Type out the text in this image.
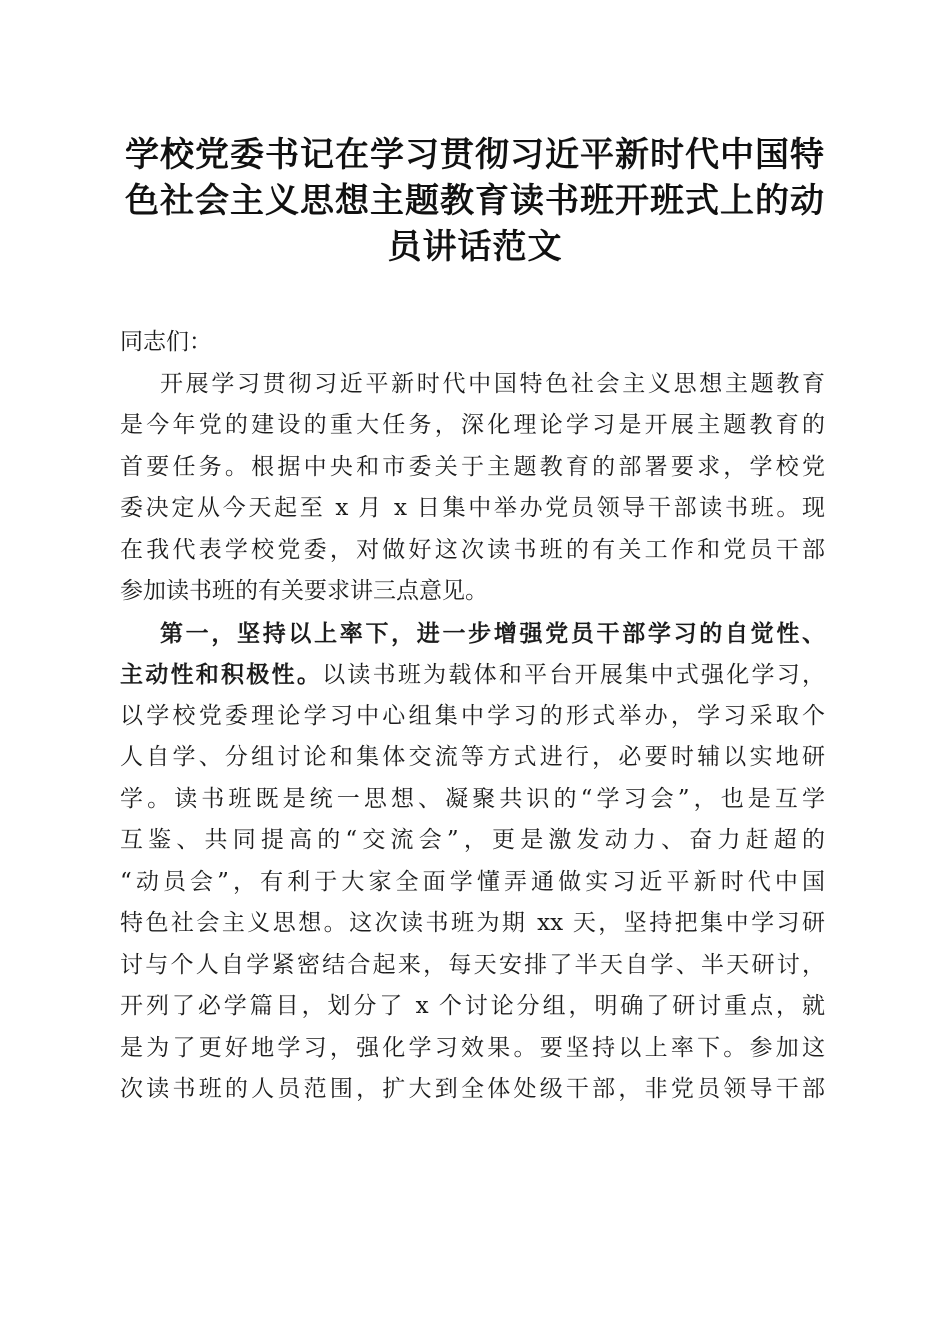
学校党委书记在学习贯彻习近平新时代中国特
色社会主义思想主题教育读书班开班式上的动
员讲话范文
同志们：
开展学习贯彻习近平新时代中国特色社会主义思想主题教育
是今年党的建设的重大任务，深化理论学习是开展主题教育的
首要任务。根据中央和市委关于主题教育的部署要求，学校党
委决定从今天起至 x 月 x 日集中举办党员领导干部读书班。现
在我代表学校党委，对做好这次读书班的有关工作和党员干部
参加读书班的有关要求讲三点意见。
第一，坚持以上率下，进一步增强党员干部学习的自觉性、
主动性和积极性。以读书班为载体和平台开展集中式强化学习，
以学校党委理论学习中心组集中学习的形式举办，学习采取个
人自学、分组讨论和集体交流等方式进行，必要时辅以实地研
学。读书班既是统一思想、凝聚共识的“学习会”，也是互学
互鉴、共同提高的“交流会”，更是激发动力、奋力赶超的
“动员会”，有利于大家全面学懂弄通做实习近平新时代中国
特色社会主义思想。这次读书班为期 xx 天，坚持把集中学习研
讨与个人自学紧密结合起来，每天安排了半天自学、半天研讨，
开列了必学篇目，划分了 x 个讨论分组，明确了研讨重点，就
是为了更好地学习，强化学习效果。要坚持以上率下。参加这
次读书班的人员范围，扩大到全体处级干部，非党员领导干部
